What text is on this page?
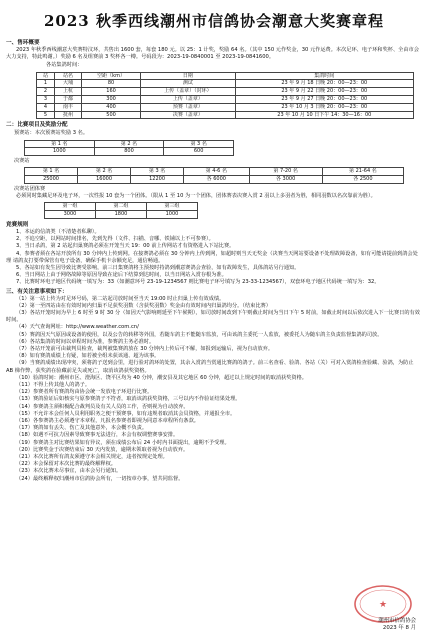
2023 秋季西线潮州市信鸽协会潮意大奖赛章程
一、售环概要

2023 年秋季西线潮意大奖赛特汶环，共售出 1600 套，每套 180 元。以 25：1 计奖，奖励 64 名。（其中 150 元作奖金，30 元作运费。本次足环、电子环和奖杯、全由市会大力支持，特此鸣谢。）奖励 6 名及组赛前 3 奖杯各一樽。号码段为：2023-19-0840001 至 2023-19-0841600。

各站集鸽时间：
站	站名	空距（km）	日期	集鸽时间
1	大埔	80	测试	23 年 9 月 18 日晚 20：00—23：00
2	上杭	160	上传（盖章）（封环）	23 年 9 月 22 日晚 20：00—23：00
3	于都	300	上传（盖章）	23 年 9 月 27 日晚 20：00—23：00
4	南丰	400	预赛（盖章）	23 年 10 月 3 日晚 20：00—23：00
5	抚州	500	决赛（盖章）	23 年 10 月 10 日下午 14：30—16：00
二：比赛项目及奖励分配
预赛站：本次预赛站奖励 3 名。
第 1 名	第 2 名	第 3 名
1000	800	600
决赛站
第 1 名	第 2 名	第 3 名	第 4-6 名	第 7-20 名	第 21-64 名
25000	16000	12200	各 6000	各 3000	各 2500
决赛站团体赛

必须同时集藏足环及电子环，一次性报 10 套为一个团体。（限从 1 至 10 为一个团体，团体赛表决赛入赏 2 羽以上多羽者为胜，相同羽数以名次靠前为胜）。

第一组	第二组	第三组
3000	1800	1000
竞赛规则

1、本运的信鸽类（不清楚者私聊）。

2、不追空距，以网站时间排名，先到先得（文件、扫描、音哪、铁铺以上不可参赛）。

3、当日杀鸽，第 2 站起归巢赛鸽必须在开笼当天 19：00 前上传网站才有资格进入下站比赛。

4、参赛者须在各站开放所有 30 分钟内上传到网。在接赛鸽必须在 30 分钟内上传到网，如超时则当天无奖金（决赛当天网站要设备不处理故障设备，如有可能请提前到鸽会处理 请鸽友打要带保管有电子设备，确保手机卡余额充足，通信畅通。

5、各站如有发生因导致比赛受影响，前三日集赛鸽将主预按时持鸽到潮意赛鸽会查验，如有故障发生，具体鸽站另行通知。

6、当日网站上由于网络故障等原因导致在途后下结算到达时间，以当日网站入赏存根为准。

7、比赛时环电子地区代码统一填写为：33（如潮意环号 23-19-1234567 则比赛电子环号填写为 23-33-1234567），双套环电子地区代码统一填写为：32。

三、有关注意事项如下：

（1）第一站上传为对足环号码，第二站起司放时间至当天 19:00 时止归巢上传有效成绩。

（2）第一至四站由在有效时间内归巢不足获奖羽数（含获奖羽数）奖金由有效时间内归巢鸽均分。（结束比赛）

（3）各站开笼时间为早上 6 时至 9 时 30 分（如因天气影响则延至下午候期），如司放时间改到下午则截止时间为当日下午 5 时前，如截止时间以后依次进入下一比赛日的有效时间。

（4）天气查询网址：http://www.weather.com.cn/

（5）赛鸽因天气原因或设备的使用，以及公告的转移等外国，若随车鸽主不能随车监放，可由该鸽主委托一人监放，被委托人为随车鸽主负责监督集鸽的司放。

（6）各站集鸽的时间以章程时间为准，参赛鸽主务必准时。

（7）各站开笼前可由裁判员检查，裁判被集赛鸽放在 30 分钟内上传后可不解，如报到运输后，视为自动放弃。

（8）如有赛鸽成绩上有疑，如若被全组未获该通、超为该事。

（9）当赛鸽成绩出现冲突，须将鸽子送到会里，进行验对鸽环的处置，其余入赏鸽当赏通比赛鸽的鸽子。前三名查看、验鸽、各站（关）可对入赏鸽检查验藏、验鸽，为防止 AB 梯作弊，获奖鸽在验藏前足失或死亡，取消该鸽获奖资格。

（10）验鸽时间：潮州市区、澄海区、饶平区均为 40 分钟，潮安县及其它地区 60 分钟，超过以上规定时间的取消获奖资格。

（11）不得上传其他人的鸽子。

（12）参赛者所有赛鸽均由协会统一发放电子环进行比赛。

（13）赛鸽验证后如核实与原参赛鸽子不符者，取消该鸽获奖资格，三号以内不作验证结果处理。

（14）参赛鸽主须积极配合裁判员及有关人员的工作，否则视为自动放弃。

（15）不允许本会任何人员利用职务之便干预赛事，如有违规者取消其会员资格，并通报全市。

（16）各参赛鸽主必须遵守本章程，凡报名参赛者即视为同意本章程所有条款。

（17）赛鸽如有丢失、伤亡及其他意外，本会概不负责。

（18）如遇不可抗力因素导致赛事无法进行，本会有权调整赛事安排。

（19）参赛鸽主对比赛结果如有异议，须在成绩公布后 24 小时内书面提出，逾期不予受理。

（20）比赛奖金于决赛结束后 30 天内发放，逾期未领取者视为自动放弃。

（21）本次比赛所有鸽友须遵守本会相关规定，违者按规定处理。

（22）本会保留对本次比赛的最终解释权。

（23）本次比赛未尽事宜，由本会另行通知。

（24）最终解释权归潮州市信鸽协会所有，一切按章办事，望共同监督。

★
潮州市信鸽协会
2023 年 8 月
